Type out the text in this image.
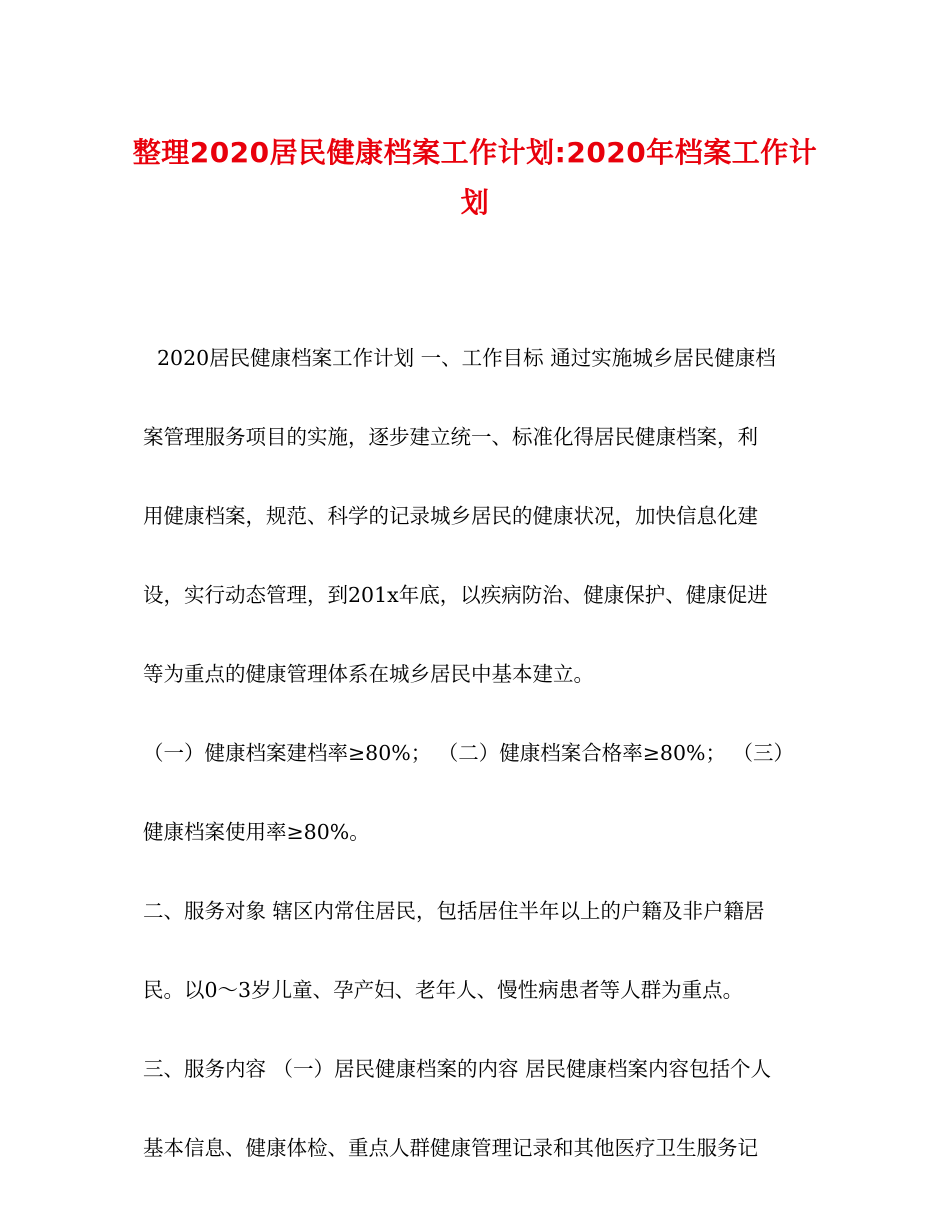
整理2020居民健康档案工作计划:2020年档案工作计
划
2020居民健康档案工作计划 一、工作目标 通过实施城乡居民健康档
案管理服务项目的实施，逐步建立统一、标准化得居民健康档案，利
用健康档案，规范、科学的记录城乡居民的健康状况，加快信息化建
设，实行动态管理，到201x年底，以疾病防治、健康保护、健康促进
等为重点的健康管理体系在城乡居民中基本建立。
（一）健康档案建档率≥80%； （二）健康档案合格率≥80%； （三）
健康档案使用率≥80%。
二、服务对象 辖区内常住居民，包括居住半年以上的户籍及非户籍居
民。以0～3岁儿童、孕产妇、老年人、慢性病患者等人群为重点。
三、服务内容 （一）居民健康档案的内容 居民健康档案内容包括个人
基本信息、健康体检、重点人群健康管理记录和其他医疗卫生服务记
